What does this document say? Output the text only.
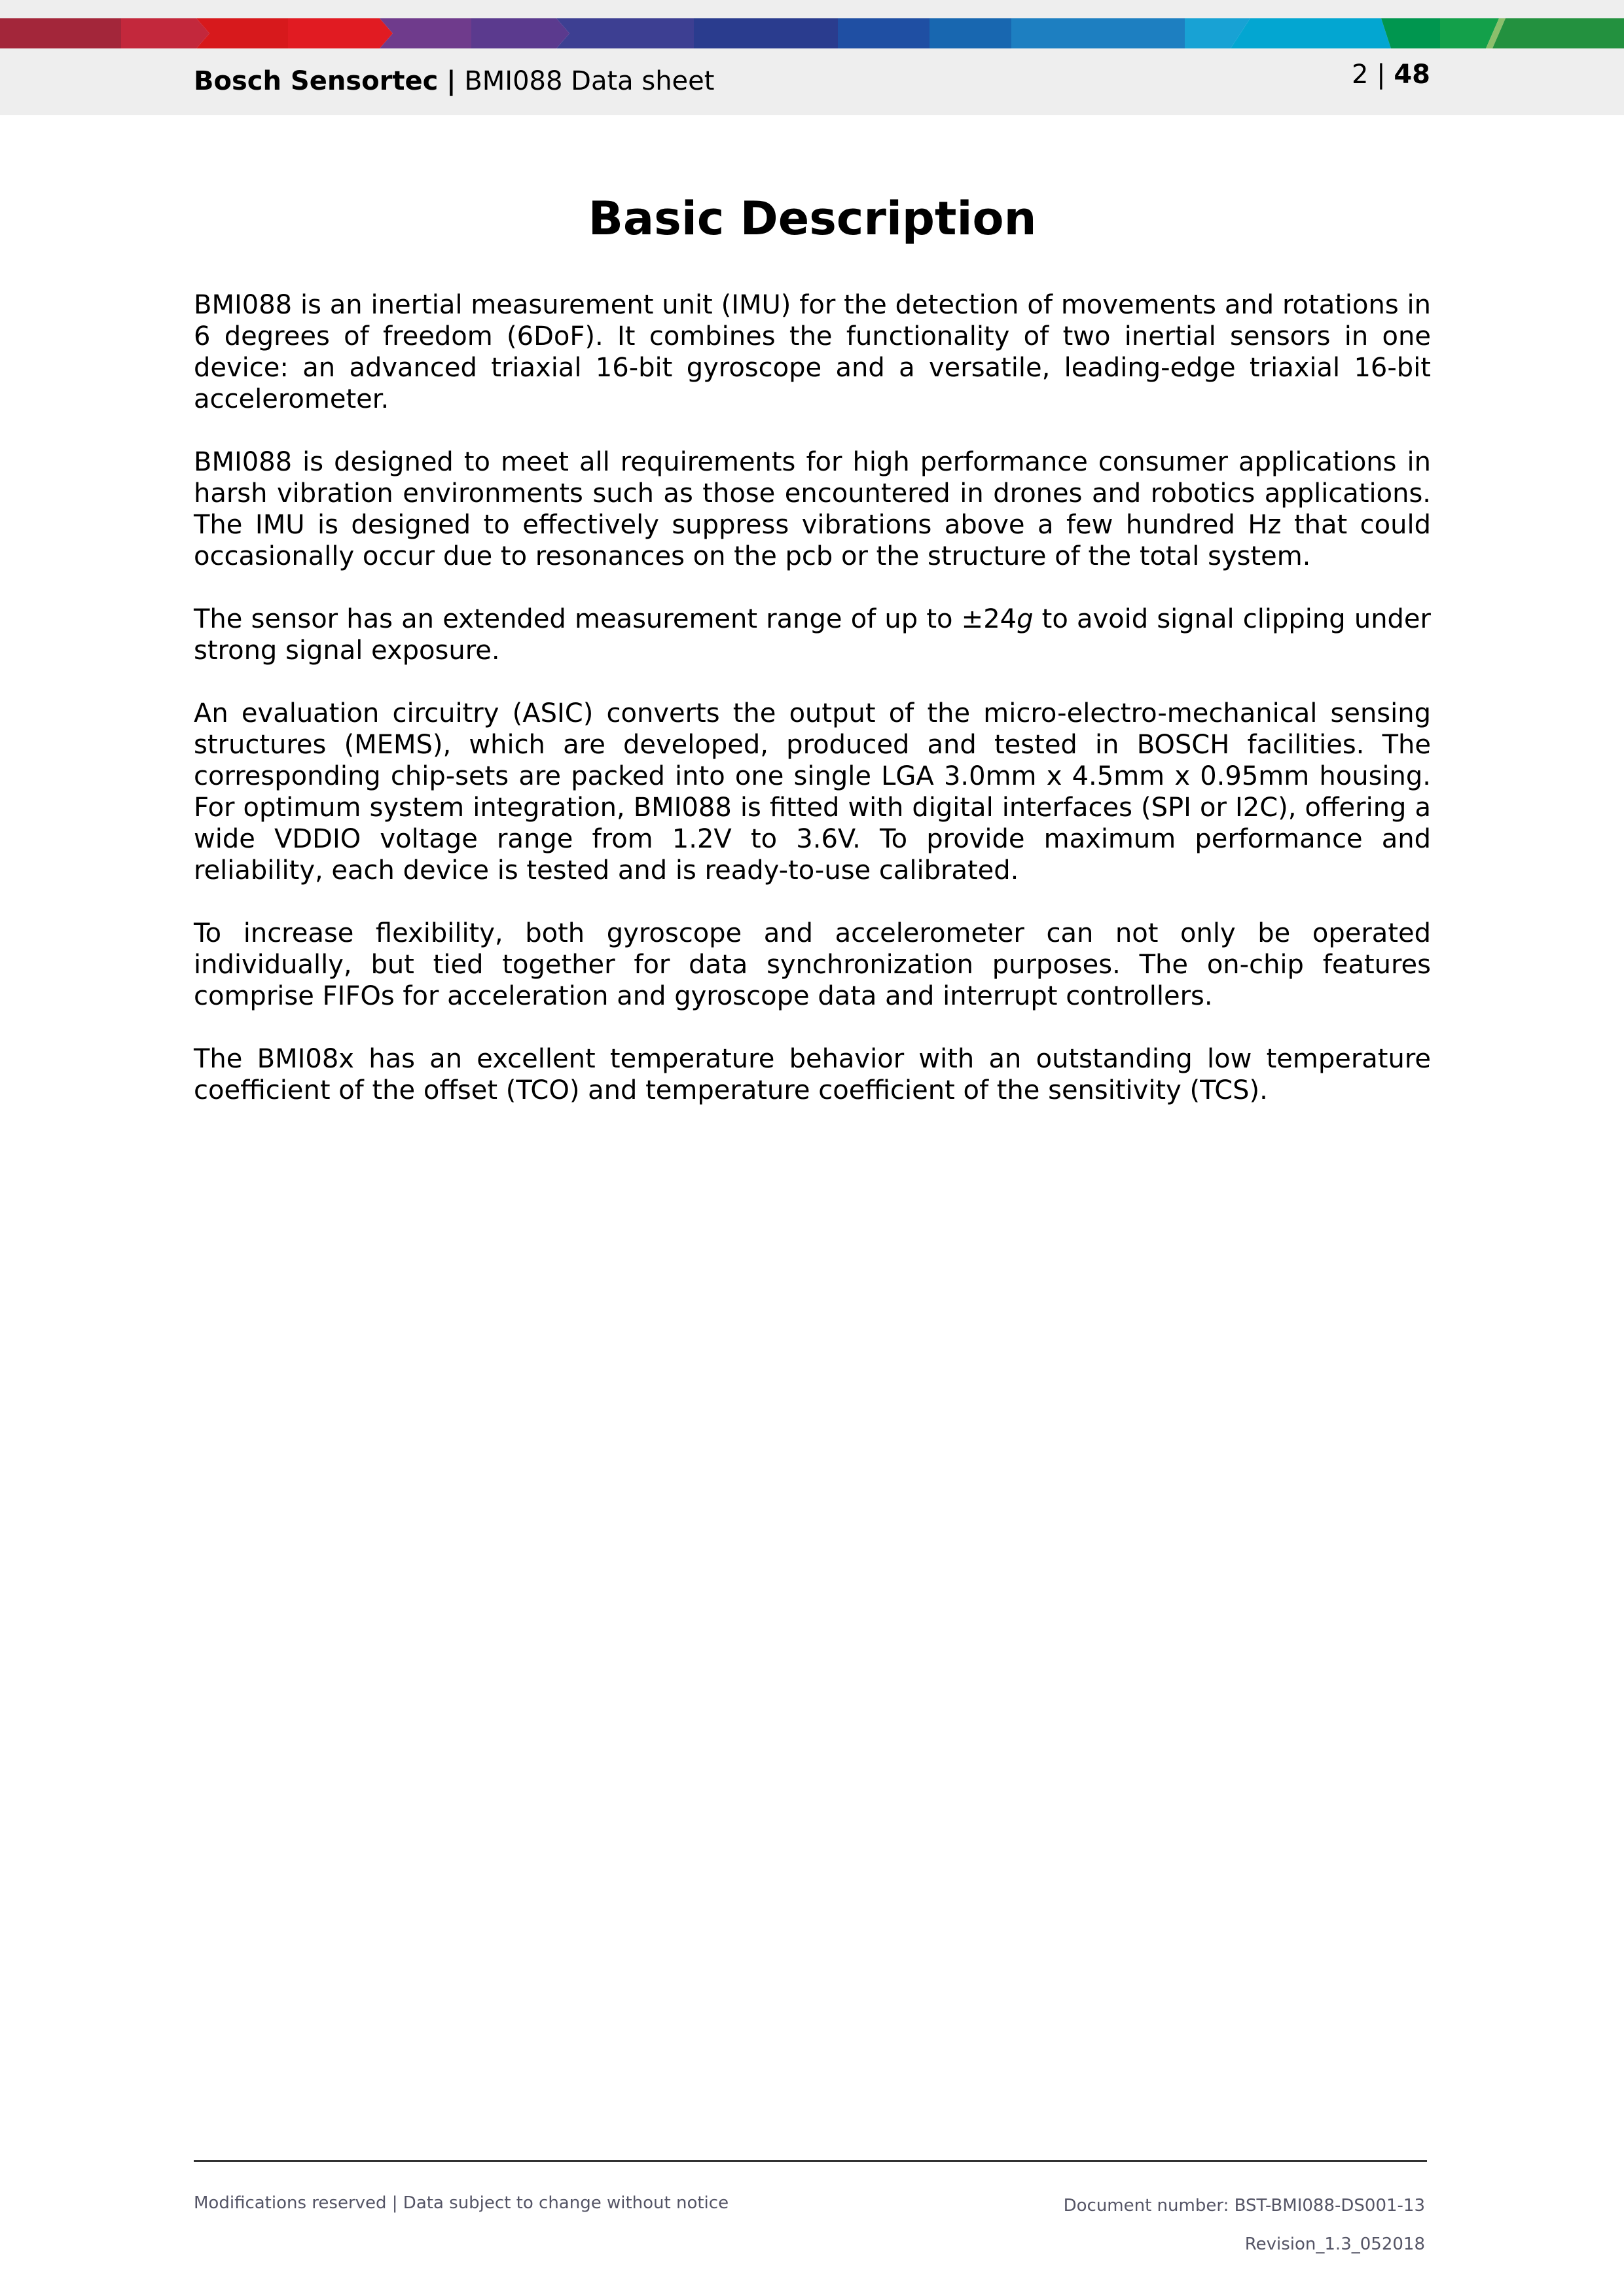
Bosch Sensortec | BMI088 Data sheet	2 | 48
Basic Description

BMI088 is an inertial measurement unit (IMU) for the detection of movements and rotations in 6 degrees of freedom (6DoF). It combines the functionality of two inertial sensors in one device: an advanced triaxial 16-bit gyroscope and a versatile, leading-edge triaxial 16-bit accelerometer.

BMI088 is designed to meet all requirements for high performance consumer applications in harsh vibration environments such as those encountered in drones and robotics applications. The IMU is designed to effectively suppress vibrations above a few hundred Hz that could occasionally occur due to resonances on the pcb or the structure of the total system.

The sensor has an extended measurement range of up to ±24g to avoid signal clipping under strong signal exposure.

An evaluation circuitry (ASIC) converts the output of the micro-electro-mechanical sensing structures (MEMS), which are developed, produced and tested in BOSCH facilities. The corresponding chip-sets are packed into one single LGA 3.0mm x 4.5mm x 0.95mm housing. For optimum system integration, BMI088 is fitted with digital interfaces (SPI or I2C), offering a wide VDDIO voltage range from 1.2V to 3.6V. To provide maximum performance and reliability, each device is tested and is ready-to-use calibrated.

To increase flexibility, both gyroscope and accelerometer can not only be operated individually, but tied together for data synchronization purposes. The on-chip features comprise FIFOs for acceleration and gyroscope data and interrupt controllers.

The BMI08x has an excellent temperature behavior with an outstanding low temperature coefficient of the offset (TCO) and temperature coefficient of the sensitivity (TCS).

Modifications reserved | Data subject to change without notice	Document number: BST-BMI088-DS001-13
Revision_1.3_052018
